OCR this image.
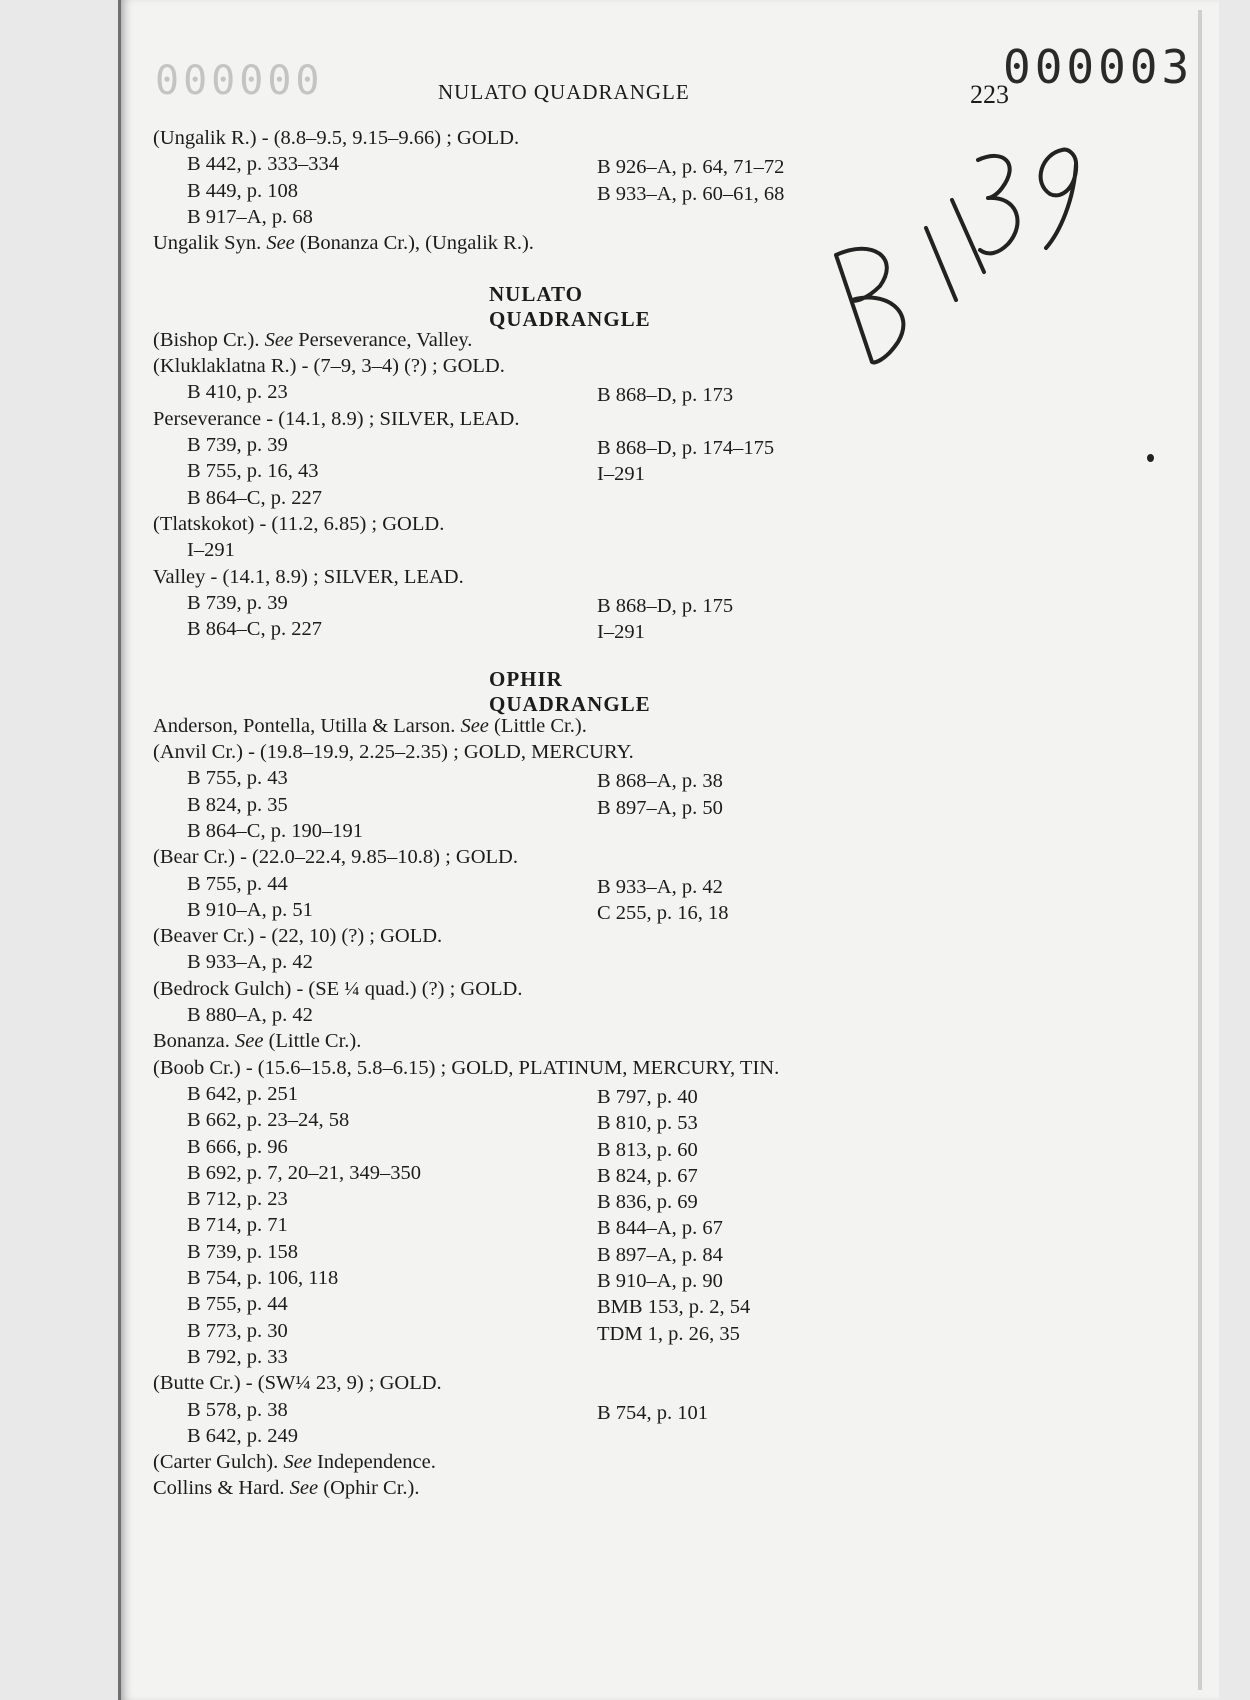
000000	000003
NULATO QUADRANGLE	223
(Ungalik R.) - (8.8–9.5, 9.15–9.66) ; GOLD.
B 442, p. 333–334	B 926–A, p. 64, 71–72
B 449, p. 108	B 933–A, p. 60–61, 68
B 917–A, p. 68
Ungalik Syn. See (Bonanza Cr.), (Ungalik R.).
NULATO QUADRANGLE
(Bishop Cr.). See Perseverance, Valley.
(Kluklaklatna R.) - (7–9, 3–4) (?) ; GOLD.
B 410, p. 23	B 868–D, p. 173
Perseverance - (14.1, 8.9) ; SILVER, LEAD.
B 739, p. 39	B 868–D, p. 174–175
B 755, p. 16, 43	I–291
B 864–C, p. 227
(Tlatskokot) - (11.2, 6.85) ; GOLD.
I–291
Valley - (14.1, 8.9) ; SILVER, LEAD.
B 739, p. 39	B 868–D, p. 175
B 864–C, p. 227	I–291
OPHIR QUADRANGLE
Anderson, Pontella, Utilla & Larson. See (Little Cr.).
(Anvil Cr.) - (19.8–19.9, 2.25–2.35) ; GOLD, MERCURY.
B 755, p. 43	B 868–A, p. 38
B 824, p. 35	B 897–A, p. 50
B 864–C, p. 190–191
(Bear Cr.) - (22.0–22.4, 9.85–10.8) ; GOLD.
B 755, p. 44	B 933–A, p. 42
B 910–A, p. 51	C 255, p. 16, 18
(Beaver Cr.) - (22, 10) (?) ; GOLD.
B 933–A, p. 42
(Bedrock Gulch) - (SE ¼ quad.) (?) ; GOLD.
B 880–A, p. 42
Bonanza. See (Little Cr.).
(Boob Cr.) - (15.6–15.8, 5.8–6.15) ; GOLD, PLATINUM, MERCURY, TIN.
B 642, p. 251	B 797, p. 40
B 662, p. 23–24, 58	B 810, p. 53
B 666, p. 96	B 813, p. 60
B 692, p. 7, 20–21, 349–350	B 824, p. 67
B 712, p. 23	B 836, p. 69
B 714, p. 71	B 844–A, p. 67
B 739, p. 158	B 897–A, p. 84
B 754, p. 106, 118	B 910–A, p. 90
B 755, p. 44	BMB 153, p. 2, 54
B 773, p. 30	TDM 1, p. 26, 35
B 792, p. 33
(Butte Cr.) - (SW¼ 23, 9) ; GOLD.
B 578, p. 38	B 754, p. 101
B 642, p. 249
(Carter Gulch). See Independence.
Collins & Hard. See (Ophir Cr.).
